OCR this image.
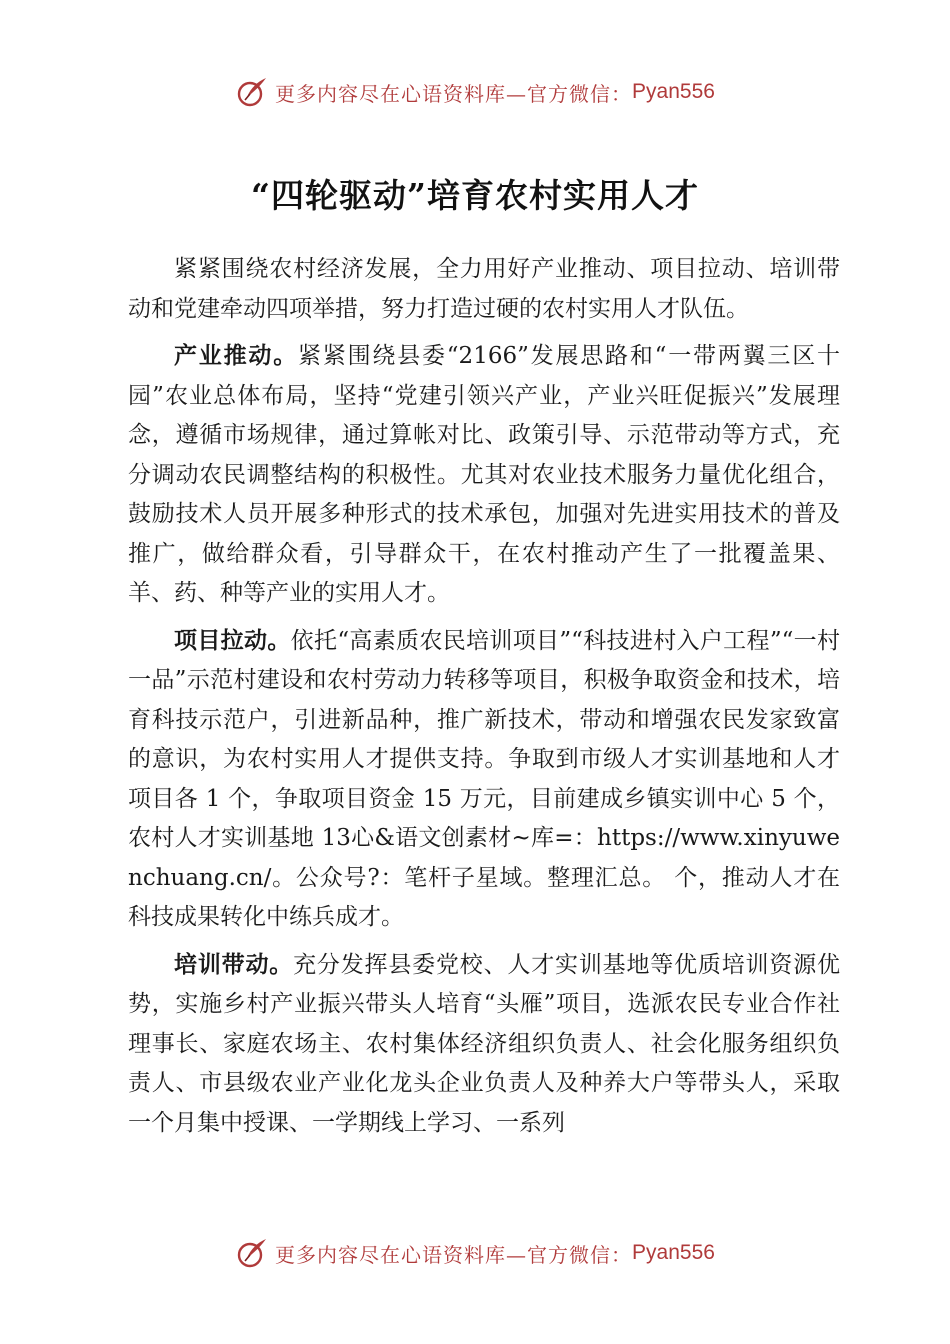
更多内容尽在心语资料库—官方微信： Pyan556
“四轮驱动”培育农村实用人才

紧紧围绕农村经济发展，全力用好产业推动、项目拉动、培训带动和党建牵动四项举措，努力打造过硬的农村实用人才队伍。

产业推动。紧紧围绕县委“2166”发展思路和“一带两翼三区十园”农业总体布局，坚持“党建引领兴产业，产业兴旺促振兴”发展理念，遵循市场规律，通过算帐对比、政策引导、示范带动等方式，充分调动农民调整结构的积极性。尤其对农业技术服务力量优化组合，鼓励技术人员开展多种形式的技术承包，加强对先进实用技术的普及推广，做给群众看，引导群众干，在农村推动产生了一批覆盖果、羊、药、种等产业的实用人才。

项目拉动。依托“高素质农民培训项目”“科技进村入户工程”“一村一品”示范村建设和农村劳动力转移等项目，积极争取资金和技术，培育科技示范户，引进新品种，推广新技术，带动和增强农民发家致富的意识，为农村实用人才提供支持。争取到市级人才实训基地和人才项目各 1 个，争取项目资金 15 万元，目前建成乡镇实训中心 5 个，农村人才实训基地 13心&语文创素材~库=：https://www.xinyuwenchuang.cn/。公众号?：笔杆子星域。整理汇总。 个，推动人才在科技成果转化中练兵成才。

培训带动。充分发挥县委党校、人才实训基地等优质培训资源优势，实施乡村产业振兴带头人培育“头雁”项目，选派农民专业合作社理事长、家庭农场主、农村集体经济组织负责人、社会化服务组织负责人、市县级农业产业化龙头企业负责人及种养大户等带头人，采取一个月集中授课、一学期线上学习、一系列

更多内容尽在心语资料库—官方微信： Pyan556
